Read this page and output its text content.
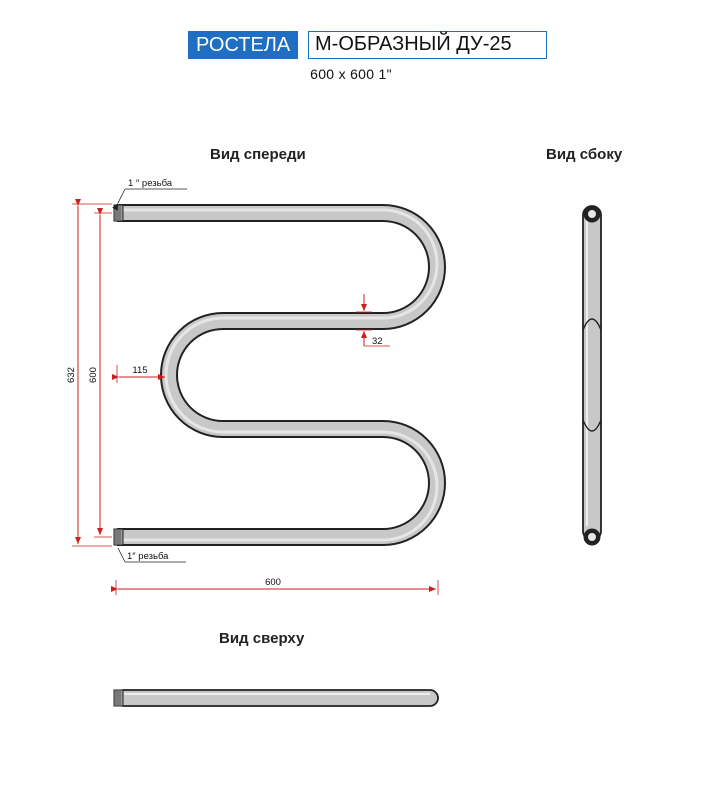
РОСТЕЛА	М-ОБРАЗНЫЙ ДУ-25
600 х 600 1"
Вид спереди	Вид сбоку
Вид сверху
1 ″ резьба
1″ резьба
632 600	115
32
600
